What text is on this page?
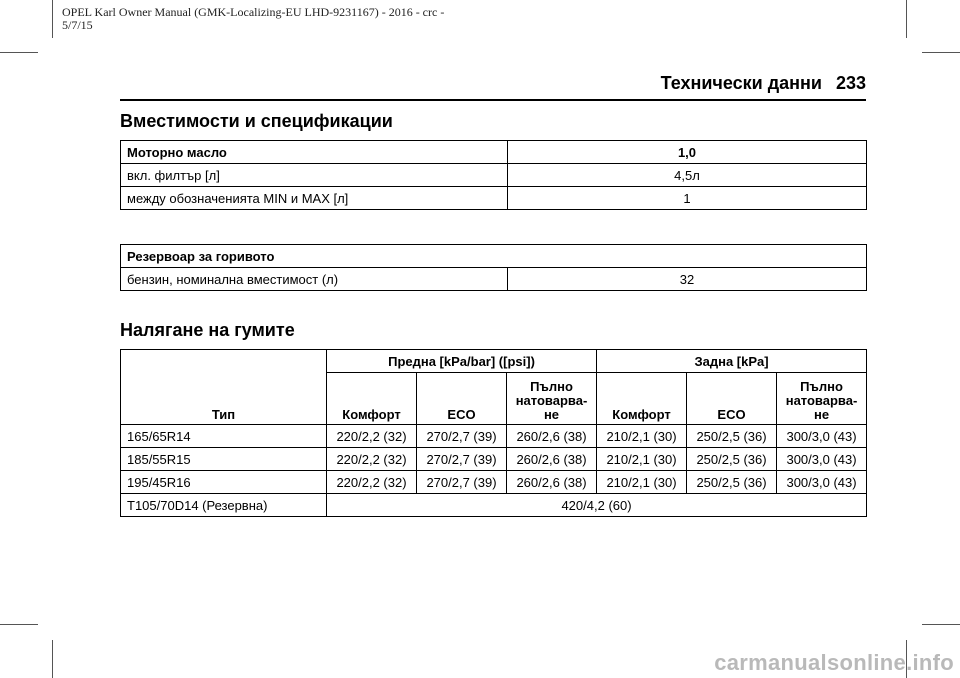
OPEL Karl Owner Manual (GMK-Localizing-EU LHD-9231167) - 2016 - crc -
5/7/15
Технически данни 233
Вместимости и спецификации
Моторно масло	1,0
вкл. филтър [л]	4,5л
между обозначенията MIN и MAX [л]	1
Резервоар за горивото
бензин, номинална вместимост (л)	32
Налягане на гумите
Тип	Предна [kPa/bar] ([psi])			Задна [kPa]		
	Комфорт	ECO	Пълно натоварва-не	Комфорт	ECO	Пълно натоварва-не
165/65R14	220/2,2 (32)	270/2,7 (39)	260/2,6 (38)	210/2,1 (30)	250/2,5 (36)	300/3,0 (43)
185/55R15	220/2,2 (32)	270/2,7 (39)	260/2,6 (38)	210/2,1 (30)	250/2,5 (36)	300/3,0 (43)
195/45R16	220/2,2 (32)	270/2,7 (39)	260/2,6 (38)	210/2,1 (30)	250/2,5 (36)	300/3,0 (43)
T105/70D14 (Резервна)	420/4,2 (60)					
carmanualsonline.info
